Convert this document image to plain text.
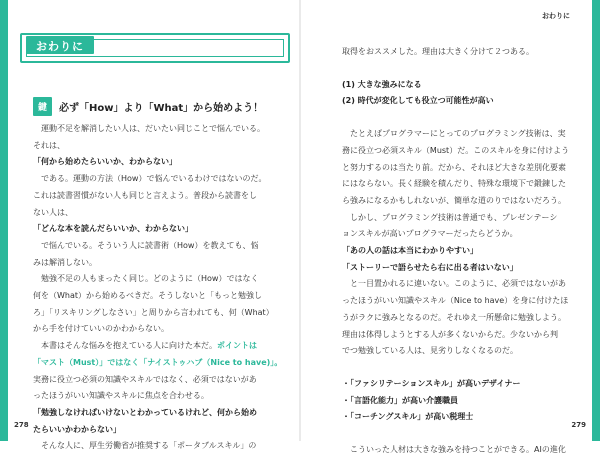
おわりに
鍵	必ず「How」より「What」から始めよう！

運動不足を解消したい人は、だいたい同じことで悩んでいる。

それは、

「何から始めたらいいか、わからない」

である。運動の方法（How）で悩んでいるわけではないのだ。

これは読書習慣がない人も同じと言えよう。普段から読書をし

ない人は、

「どんな本を読んだらいいか、わからない」

で悩んでいる。そういう人に読書術（How）を教えても、悩

みは解消しない。

勉強不足の人もまったく同じ。どのように（How）ではなく

何を（What）から始めるべきだ。そうしないと「もっと勉強し

ろ」「リスキリングしなさい」と周りから言われても、何（What）

から手を付けていいのかわからない。

本書はそんな悩みを抱えている人に向けた本だ。ポイントは

「マスト（Must）」ではなく「ナイストゥハブ（Nice to have)」。

実務に役立つ必須の知識やスキルではなく、必須ではないがあ

ったほうがいい知識やスキルに焦点を合わせる。

「勉強しなければいけないとわかっているけれど、何から始め

たらいいかわからない」

そんな人に、厚生労働省が推奨する「ポータブルスキル」の

278
おわりに
279

取得をおススメした。理由は大きく分けて２つある。

(1) 大きな強みになる

(2) 時代が変化しても役立つ可能性が高い

たとえばプログラマーにとってのプログラミング技術は、実

務に役立つ必須スキル（Must）だ。このスキルを身に付けよう

と努力するのは当たり前。だから、それほど大きな差別化要素

にはならない。長く経験を積んだり、特殊な環境下で鍛錬した

ら強みになるかもしれないが、簡単な道のりではないだろう。

しかし、プログラミング技術は普通でも、プレゼンテーシ

ョンスキルが高いプログラマーだったらどうか。

「あの人の話は本当にわかりやすい」

「ストーリーで語らせたら右に出る者はいない」

と一目置かれるに違いない。このように、必須ではないがあ

ったほうがいい知識やスキル（Nice to have）を身に付けたほ

うがラクに強みとなるのだ。それゆえ一所懸命に勉強しよう。

理由は体得しようとする人が多くないからだ。少ないから判

でつ勉強している人は、見劣りしなくなるのだ。

・「ファシリテーションスキル」が高いデザイナー

・「言語化能力」が高い介護職員

・「コーチングスキル」が高い税理士

こういった人材は大きな強みを持つことができる。AIの進化
